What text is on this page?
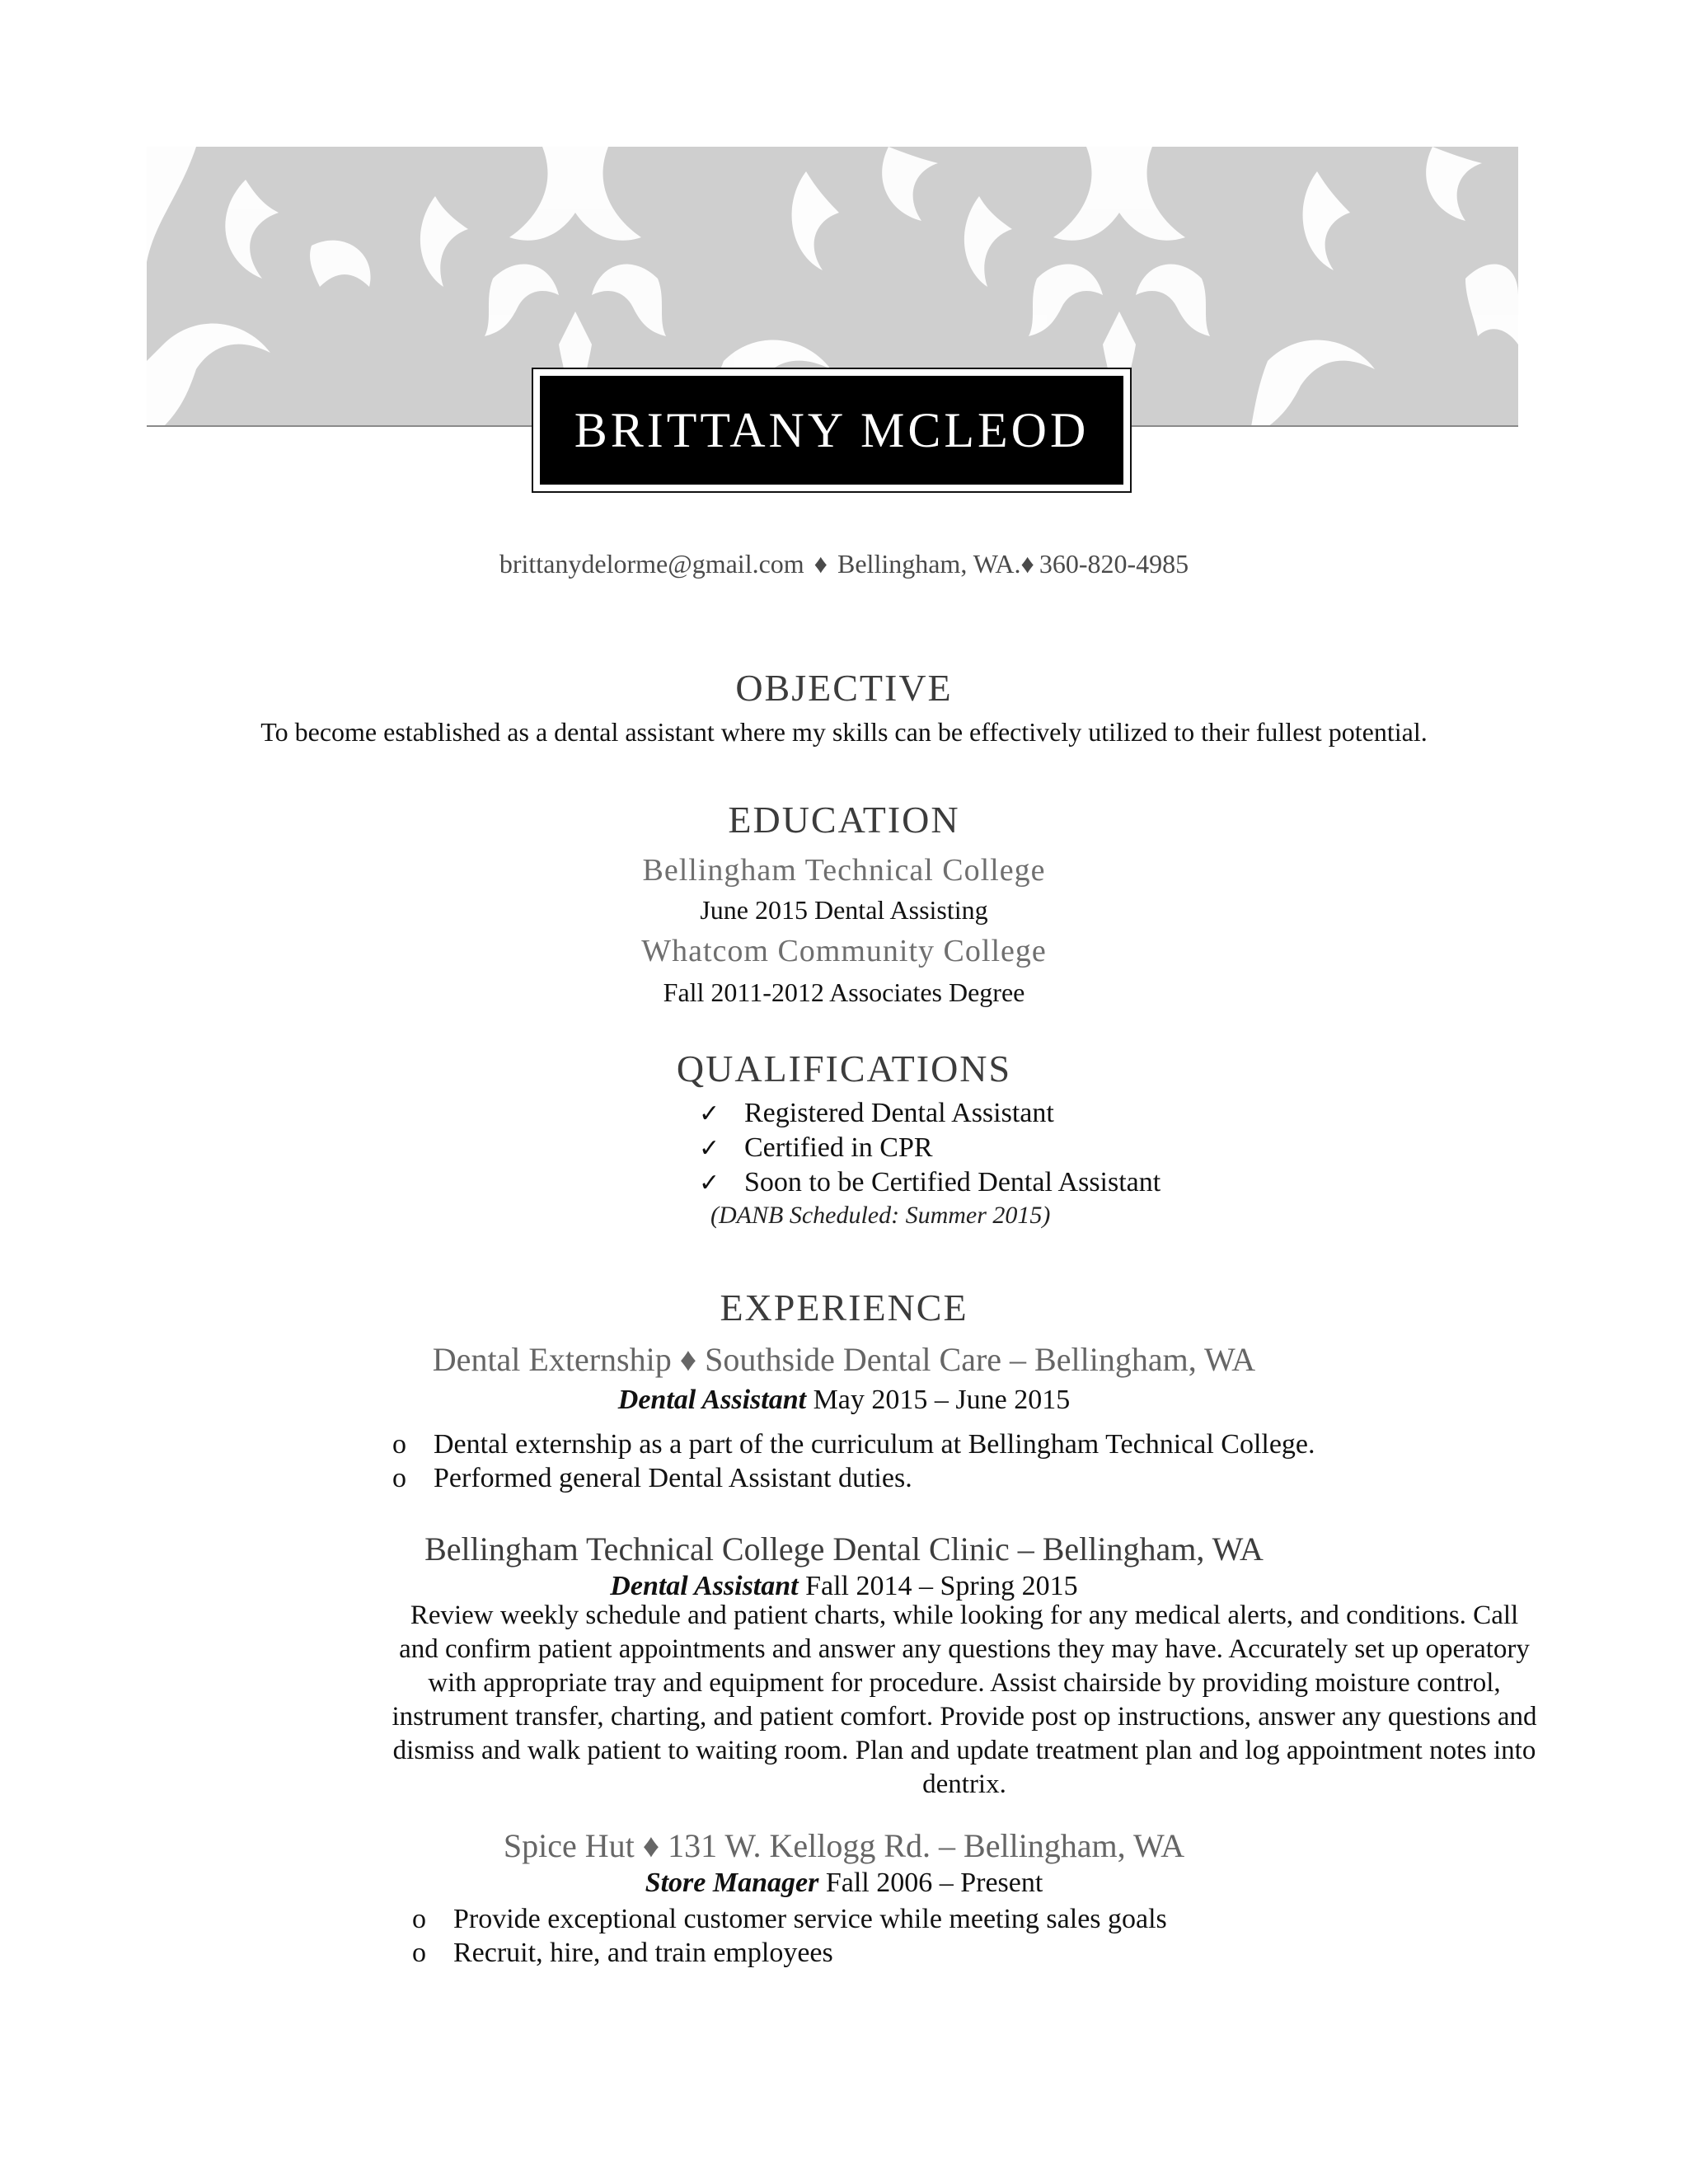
BRITTANY MCLEOD
brittanydelorme@gmail.com ♦ Bellingham, WA.♦ 360-820-4985
OBJECTIVE
To become established as a dental assistant where my skills can be effectively utilized to their fullest potential.
EDUCATION
Bellingham Technical College
June 2015 Dental Assisting
Whatcom Community College
Fall 2011-2012 Associates Degree
QUALIFICATIONS
✓ Registered Dental Assistant
✓ Certified in CPR
✓ Soon to be Certified Dental Assistant
(DANB Scheduled: Summer 2015)
EXPERIENCE
Dental Externship ♦ Southside Dental Care – Bellingham, WA
Dental Assistant May 2015 – June 2015
o Dental externship as a part of the curriculum at Bellingham Technical College.
o Performed general Dental Assistant duties.
Bellingham Technical College Dental Clinic – Bellingham, WA
Dental Assistant Fall 2014 – Spring 2015
Review weekly schedule and patient charts, while looking for any medical alerts, and conditions. Call and confirm patient appointments and answer any questions they may have. Accurately set up operatory with appropriate tray and equipment for procedure. Assist chairside by providing moisture control, instrument transfer, charting, and patient comfort. Provide post op instructions, answer any questions and dismiss and walk patient to waiting room. Plan and update treatment plan and log appointment notes into dentrix.
Spice Hut ♦ 131 W. Kellogg Rd. – Bellingham, WA
Store Manager Fall 2006 – Present
o Provide exceptional customer service while meeting sales goals
o Recruit, hire, and train employees
